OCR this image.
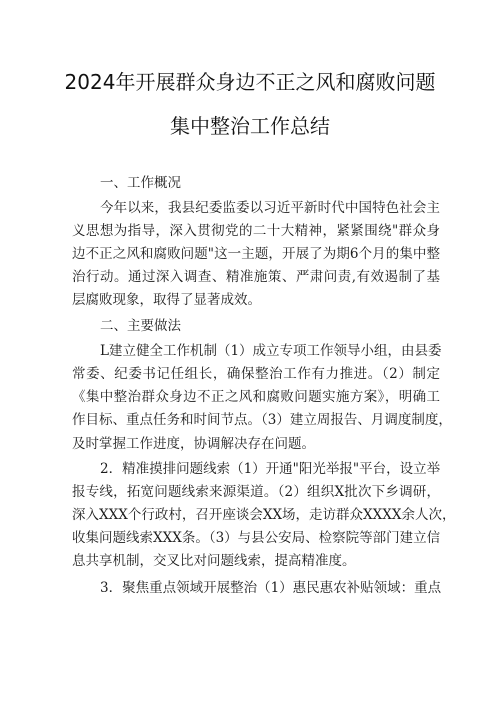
2024年开展群众身边不正之风和腐败问题
集中整治工作总结
一、工作概况
今年以来，我县纪委监委以习近平新时代中国特色社会主
义思想为指导，深入贯彻党的二十大精神，紧紧围绕"群众身
边不正之风和腐败问题"这一主题，开展了为期6个月的集中整
治行动。通过深入调查、精准施策、严肃问责,有效遏制了基
层腐败现象，取得了显著成效。
二、主要做法
L建立健全工作机制（1）成立专项工作领导小组，由县委
常委、纪委书记任组长，确保整治工作有力推进。（2）制定
《集中整治群众身边不正之风和腐败问题实施方案》，明确工
作目标、重点任务和时间节点。（3）建立周报告、月调度制度，
及时掌握工作进度，协调解决存在问题。
2．精准摸排问题线索（1）开通"阳光举报"平台，设立举
报专线，拓宽问题线索来源渠道。（2）组织X批次下乡调研，
深入XXX个行政村，召开座谈会XX场，走访群众XXXX余人次，
收集问题线索XXX条。（3）与县公安局、检察院等部门建立信
息共享机制，交叉比对问题线索，提高精准度。
3．聚焦重点领域开展整治（1）惠民惠农补贴领域：重点
